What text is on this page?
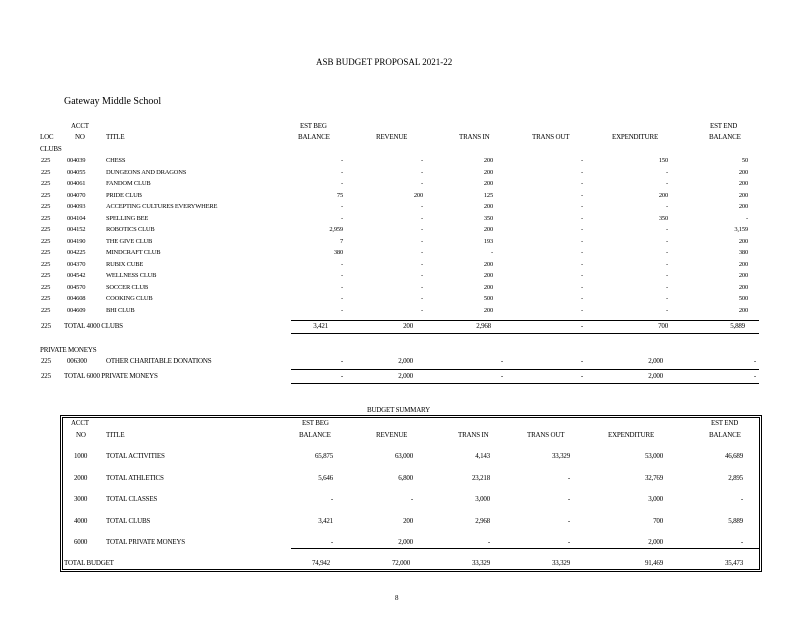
ASB BUDGET PROPOSAL 2021-22
Gateway Middle School
ACCT	EST BEG	EST END
LOC	NO	TITLE	BALANCE	REVENUE	TRANS IN	TRANS OUT	EXPENDITURE	BALANCE
CLUBS
225	004039	CHESS	-	-	200	-	150	50
225	004055	DUNGEONS AND DRAGONS	-	-	200	-	-	200
225	004061	FANDOM CLUB	-	-	200	-	-	200
225	004070	PRIDE CLUB	75	200	125	-	200	200
225	004093	ACCEPTING CULTURES EVERYWHERE	-	-	200	-	-	200
225	004104	SPELLING BEE	-	-	350	-	350	-
225	004152	ROBOTICS CLUB	2,959	-	200	-	-	3,159
225	004190	THE GIVE CLUB	7	-	193	-	-	200
225	004225	MINDCRAFT CLUB	380	-	-	-	-	380
225	004370	RUBIX CUBE	-	-	200	-	-	200
225	004542	WELLNESS CLUB	-	-	200	-	-	200
225	004570	SOCCER CLUB	-	-	200	-	-	200
225	004608	COOKING CLUB	-	-	500	-	-	500
225	004609	BHI CLUB	-	-	200	-	-	200
225 TOTAL 4000 CLUBS	3,421	200	2,968	-	700	5,889
PRIVATE MONEYS
225 006300	OTHER CHARITABLE DONATIONS	-	2,000	-	-	2,000	-
225 TOTAL 6000 PRIVATE MONEYS	-	2,000	-	-	2,000	-
BUDGET SUMMARY
ACCT	EST BEG	EST END
NO	TITLE	BALANCE	REVENUE	TRANS IN	TRANS OUT	EXPENDITURE	BALANCE
1000	TOTAL ACTIVITIES	65,875	63,000	4,143	33,329	53,000	46,689
2000	TOTAL ATHLETICS	5,646	6,800	23,218	-	32,769	2,895
3000	TOTAL CLASSES	-	-	3,000	-	3,000	-
4000	TOTAL CLUBS	3,421	200	2,968	-	700	5,889
6000	TOTAL PRIVATE MONEYS	-	2,000	-	-	2,000	-
TOTAL BUDGET	74,942	72,000	33,329	33,329	91,469	35,473
8
